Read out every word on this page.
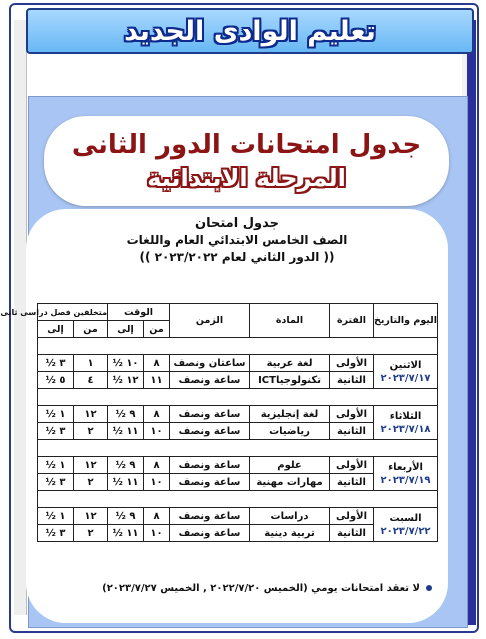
تعليم الوادى الجديد
جدول امتحانات الدور الثانى
المرحلة الابتدائية
جدول امتحان
الصف الخامس الابتدائي العام واللغات
(( الدور الثاني لعام ٢٠٢٣/٢٠٢٢ ))
اليوم والتاريخ	الفترة	المادة	الزمن	الوقت		متخلفين فصل دراسى ثانى	
				من	إلى	من	إلى

الاثنين
٢٠٢٣/٧/١٧	الأولى	لغة عربية	ساعتان ونصف	٨	١٠ ½	١	٣ ½
	الثانية	تكنولوجياICT	ساعة ونصف	١١	١٢ ½	٤	٥ ½

الثلاثاء
٢٠٢٣/٧/١٨	الأولى	لغة إنجليزية	ساعة ونصف	٨	٩ ½	١٢	١ ½
	الثانية	رياضيات	ساعة ونصف	١٠	١١ ½	٢	٣ ½

الأربعاء
٢٠٢٣/٧/١٩	الأولى	علوم	ساعة ونصف	٨	٩ ½	١٢	١ ½
	الثانية	مهارات مهنية	ساعة ونصف	١٠	١١ ½	٢	٣ ½

السبت
٢٠٢٣/٧/٢٢	الأولى	دراسات	ساعة ونصف	٨	٩ ½	١٢	١ ½
	الثانية	تربية دينية	ساعة ونصف	١٠	١١ ½	٢	٣ ½
لا تعقد امتحانات يومي (الخميس ٢٠٢٢/٧/٢٠ , الخميس ٢٠٢٣/٧/٢٧)
